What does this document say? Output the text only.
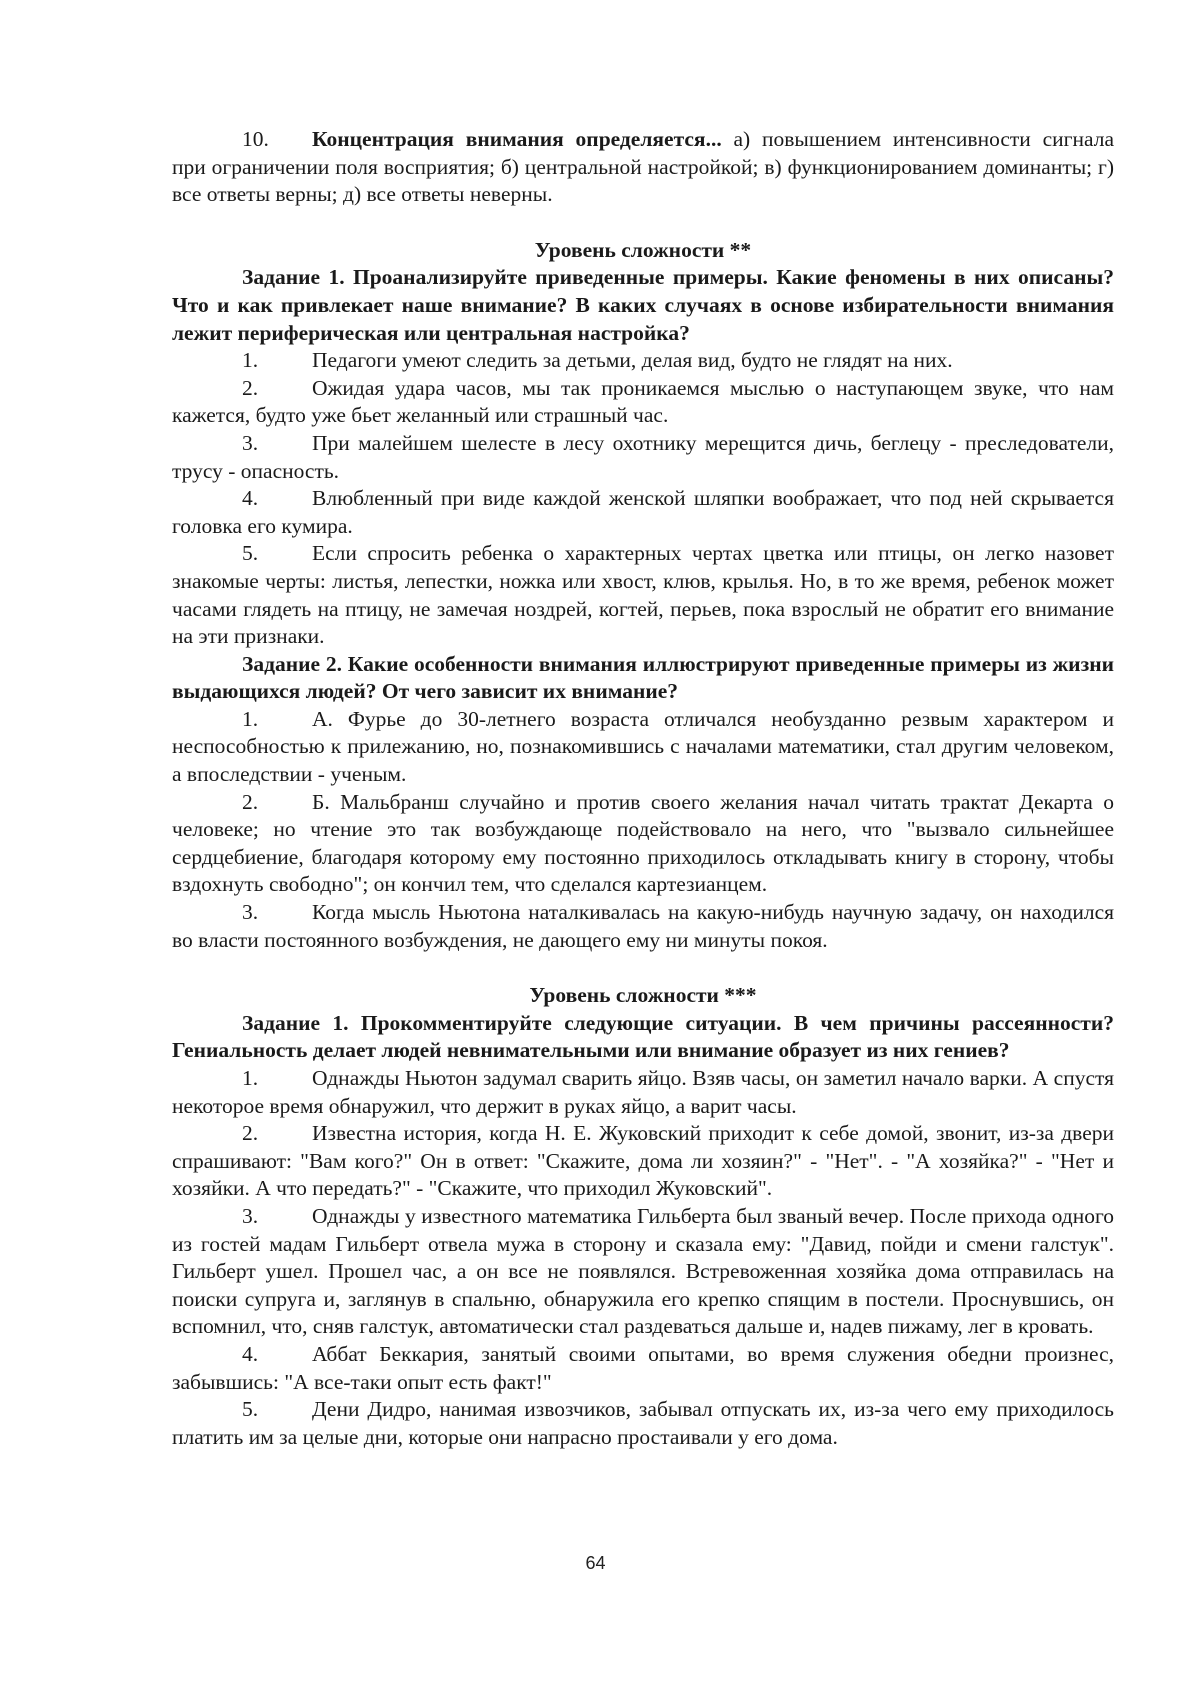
10. Концентрация внимания определяется... а) повышением интенсивности сигнала при ограничении поля восприятия; б) центральной настройкой; в) функционированием доминанты; г) все ответы верны; д) все ответы неверны.

Уровень сложности **

Задание 1. Проанализируйте приведенные примеры. Какие феномены в них описаны? Что и как привлекает наше внимание? В каких случаях в основе избирательности внимания лежит периферическая или центральная настройка?

1.	Педагоги умеют следить за детьми, делая вид, будто не глядят на них.

2.	Ожидая удара часов, мы так проникаемся мыслью о наступающем звуке, что нам кажется, будто уже бьет желанный или страшный час.

3.	При малейшем шелесте в лесу охотнику мерещится дичь, беглецу - преследователи, трусу - опасность.

4.	Влюбленный при виде каждой женской шляпки воображает, что под ней скрывается головка его кумира.

5.	Если спросить ребенка о характерных чертах цветка или птицы, он легко назовет знакомые черты: листья, лепестки, ножка или хвост, клюв, крылья. Но, в то же время, ребенок может часами глядеть на птицу, не замечая ноздрей, когтей, перьев, пока взрослый не обратит его внимание на эти признаки.

Задание 2. Какие особенности внимания иллюстрируют приведенные примеры из жизни выдающихся людей? От чего зависит их внимание?

1.	А. Фурье до 30-летнего возраста отличался необузданно резвым характером и неспособностью к прилежанию, но, познакомившись с началами математики, стал другим человеком, а впоследствии - ученым.

2.	Б. Мальбранш случайно и против своего желания начал читать трактат Декарта о человеке; но чтение это так возбуждающе подействовало на него, что "вызвало сильнейшее сердцебиение, благодаря которому ему постоянно приходилось откладывать книгу в сторону, чтобы вздохнуть свободно"; он кончил тем, что сделался картезианцем.

3.	Когда мысль Ньютона наталкивалась на какую-нибудь научную задачу, он находился во власти постоянного возбуждения, не дающего ему ни минуты покоя.

Уровень сложности ***

Задание 1. Прокомментируйте следующие ситуации. В чем причины рассеянности? Гениальность делает людей невнимательными или внимание образует из них гениев?

1.	Однажды Ньютон задумал сварить яйцо. Взяв часы, он заметил начало варки. А спустя некоторое время обнаружил, что держит в руках яйцо, а варит часы.

2.	Известна история, когда Н. Е. Жуковский приходит к себе домой, звонит, из-за двери спрашивают: "Вам кого?" Он в ответ: "Скажите, дома ли хозяин?" - "Нет". - "А хозяйка?" - "Нет и хозяйки. А что передать?" - "Скажите, что приходил Жуковский".

3.	Однажды у известного математика Гильберта был званый вечер. После прихода одного из гостей мадам Гильберт отвела мужа в сторону и сказала ему: "Давид, пойди и смени галстук". Гильберт ушел. Прошел час, а он все не появлялся. Встревоженная хозяйка дома отправилась на поиски супруга и, заглянув в спальню, обнаружила его крепко спящим в постели. Проснувшись, он вспомнил, что, сняв галстук, автоматически стал раздеваться дальше и, надев пижаму, лег в кровать.

4.	Аббат Беккария, занятый своими опытами, во время служения обедни произнес, забывшись: "А все-таки опыт есть факт!"

5.	Дени Дидро, нанимая извозчиков, забывал отпускать их, из-за чего ему приходилось платить им за целые дни, которые они напрасно простаивали у его дома.

64
